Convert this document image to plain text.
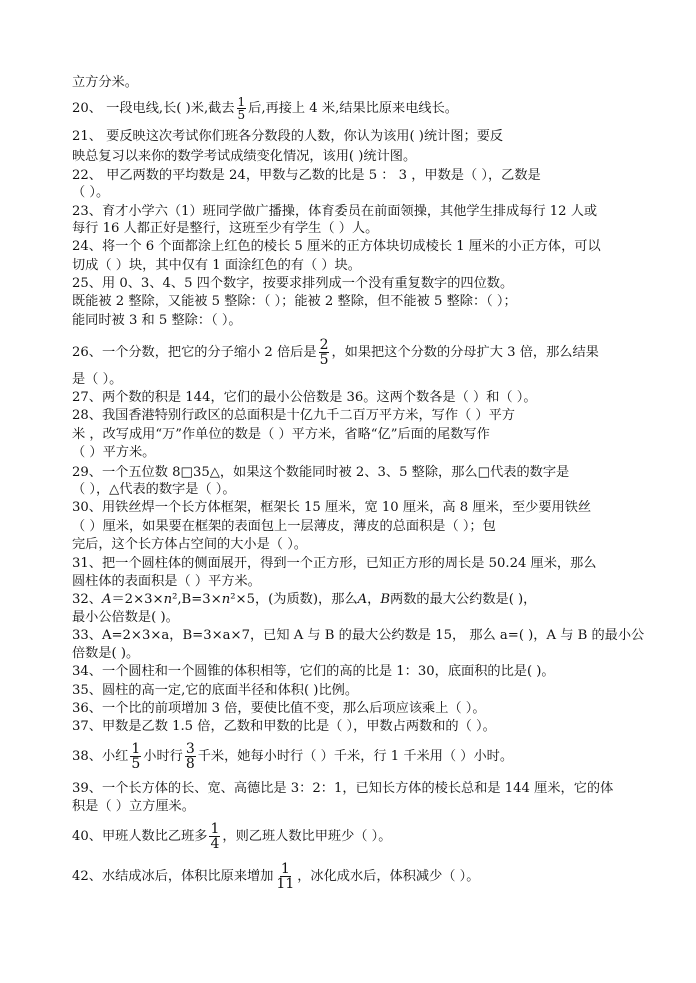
立方分米。
20、 一段电线,长( )米,截去 $\frac{1}{5}$ 后,再接上 4 米,结果比原来电线长。
21、 要反映这次考试你们班各分数段的人数，你认为该用( )统计图；要反
映总复习以来你的数学考试成绩变化情况，该用( )统计图。
22、 甲乙两数的平均数是 24，甲数与乙数的比是 5 ： 3 ，甲数是（ ），乙数是
（ ）。
23、育才小学六（1）班同学做广播操，体育委员在前面领操，其他学生排成每行 12 人或
每行 16 人都正好是整行，这班至少有学生（ ）人。
24、将一个 6 个面都涂上红色的棱长 5 厘米的正方体块切成棱长 1 厘米的小正方体，可以
切成（ ）块，其中仅有 1 面涂红色的有（ ）块。
25、用 0、3、4、5 四个数字，按要求排列成一个没有重复数字的四位数。
既能被 2 整除，又能被 5 整除：（ ）；能被 2 整除，但不能被 5 整除：（ ）；
能同时被 3 和 5 整除：（ ）。
26、一个分数，把它的分子缩小 2 倍后是 $\frac{2}{5}$ ，如果把这个分数的分母扩大 3 倍，那么结果
是（ ）。
27、两个数的积是 144，它们的最小公倍数是 36。这两个数各是（ ）和（ ）。
28、我国香港特别行政区的总面积是十亿九千二百万平方米，写作（ ）平方
米 ，改写成用“万”作单位的数是（ ）平方米，省略“亿”后面的尾数写作
（ ）平方米。
29、一个五位数 8□35△，如果这个数能同时被 2、3、5 整除，那么□代表的数字是
（ ），△代表的数字是（ ）。
30、用铁丝焊一个长方体框架，框架长 15 厘米，宽 10 厘米，高 8 厘米，至少要用铁丝
（ ）厘米，如果要在框架的表面包上一层薄皮，薄皮的总面积是（ ）；包
完后，这个长方体占空间的大小是（ ）。
31、把一个圆柱体的侧面展开，得到一个正方形，已知正方形的周长是 50.24 厘米，那么
圆柱体的表面积是（ ）平方米。
32、A＝2×3×n²,B=3×n²×5，(为质数)，那么A，B两数的最大公约数是( )，
最小公倍数是( )。
33、A=2×3×a，B=3×a×7，已知 A 与 B 的最大公约数是 15， 那么 a=( )，A 与 B 的最小公
倍数是( )。
34、一个圆柱和一个圆锥的体积相等，它们的高的比是 1：30，底面积的比是( )。
35、圆柱的高一定,它的底面半径和体积( )比例。
36、一个比的前项增加 3 倍，要使比值不变，那么后项应该乘上（ ）。
37、甲数是乙数 1.5 倍，乙数和甲数的比是（ ），甲数占两数和的（ ）。
38、小红 $\frac{1}{5}$ 小时行 $\frac{3}{8}$ 千米，她每小时行（ ）千米，行 1 千米用（ ）小时。
39、一个长方体的长、宽、高德比是 3：2：1，已知长方体的棱长总和是 144 厘米，它的体
积是（ ）立方厘米。
40、甲班人数比乙班多 $\frac{1}{4}$ ，则乙班人数比甲班少（ ）。
42、水结成冰后，体积比原来增加 $\frac{1}{11}$ ，冰化成水后，体积减少（ ）。
